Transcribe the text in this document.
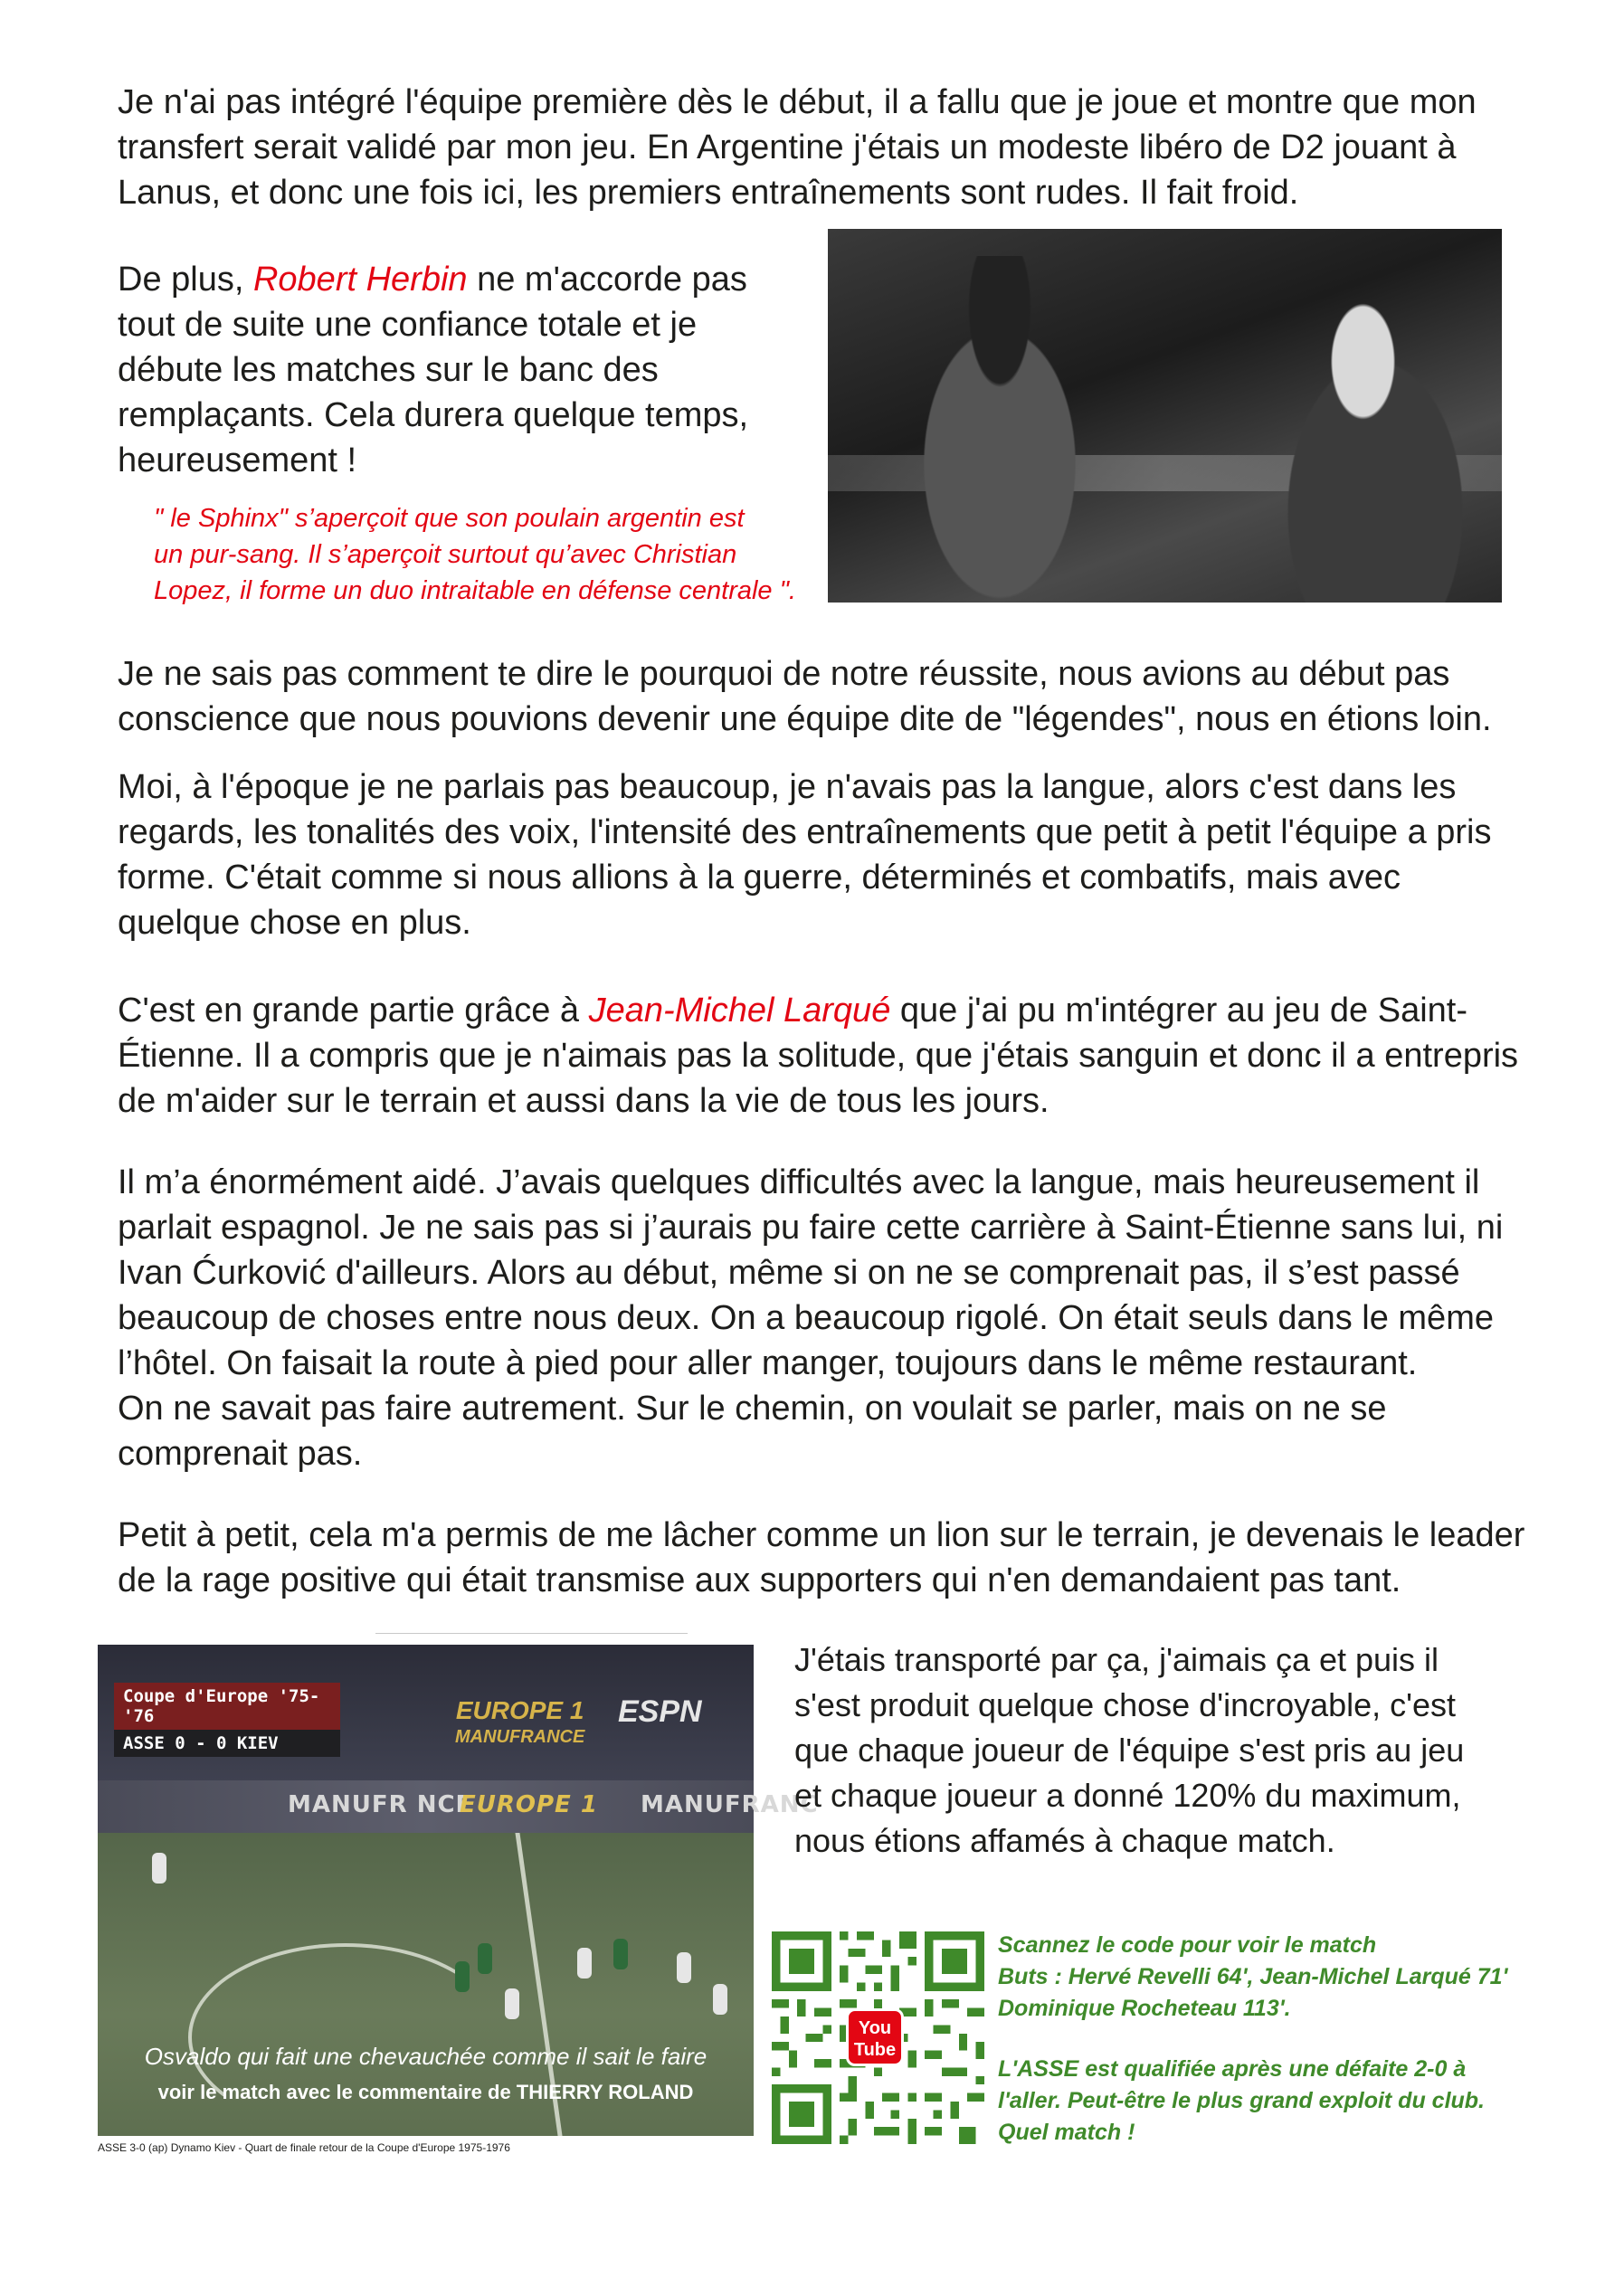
Je n'ai pas intégré l'équipe première dès le début, il a fallu que je joue et montre que mon
transfert serait validé par mon jeu. En Argentine j'étais un modeste libéro de D2 jouant à
Lanus, et donc une fois ici, les premiers entraînements sont rudes. Il fait froid.

De plus, Robert Herbin ne m'accorde pas
tout de suite une confiance totale et je
débute les matches sur le banc des
remplaçants. Cela durera quelque temps,
heureusement !

" le Sphinx" s’aperçoit que son poulain argentin est
un pur-sang. Il s’aperçoit surtout qu’avec Christian
Lopez, il forme un duo intraitable en défense centrale ".

Je ne sais pas comment te dire le pourquoi de notre réussite, nous avions au début pas
conscience que nous pouvions devenir une équipe dite de "légendes", nous en étions loin.

Moi, à l'époque je ne parlais pas beaucoup, je n'avais pas la langue, alors c'est dans les
regards, les tonalités des voix, l'intensité des entraînements que petit à petit l'équipe a pris
forme. C'était comme si nous allions à la guerre, déterminés et combatifs, mais avec
quelque chose en plus.

C'est en grande partie grâce à Jean-Michel Larqué que j'ai pu m'intégrer au jeu de Saint-
Étienne. Il a compris que je n'aimais pas la solitude, que j'étais sanguin et donc il a entrepris
de m'aider sur le terrain et aussi dans la vie de tous les jours.

Il m’a énormément aidé. J’avais quelques difficultés avec la langue, mais heureusement il
parlait espagnol. Je ne sais pas si j’aurais pu faire cette carrière à Saint-Étienne sans lui, ni
Ivan Ćurković d'ailleurs. Alors au début, même si on ne se comprenait pas, il s’est passé
beaucoup de choses entre nous deux. On a beaucoup rigolé. On était seuls dans le même
l’hôtel. On faisait la route à pied pour aller manger, toujours dans le même restaurant.
On ne savait pas faire autrement. Sur le chemin, on voulait se parler, mais on ne se
comprenait pas.

Petit à petit, cela m'a permis de me lâcher comme un lion sur le terrain, je devenais le leader
de la rage positive qui était transmise aux supporters qui n'en demandaient pas tant.

MANUFR NCE
EUROPE 1 MANUFRANC
Coupe d'Europe '75-'76
ASSE 0 - 0 KIEV
EUROPE 1
MANUFRANCE
ESPN
Osvaldo qui fait une chevauchée comme il sait le faire
voir le match avec le commentaire de THIERRY ROLAND

ASSE 3-0 (ap) Dynamo Kiev - Quart de finale retour de la Coupe d'Europe 1975-1976

J'étais transporté par ça, j'aimais ça et puis il
s'est produit quelque chose d'incroyable, c'est
que chaque joueur de l'équipe s'est pris au jeu
et chaque joueur a donné 120% du maximum,
nous étions affamés à chaque match.

You
Tube

Scannez le code pour voir le match
Buts : Hervé Revelli 64', Jean-Michel Larqué 71'
Dominique Rocheteau 113'.

L'ASSE est qualifiée après une défaite 2-0 à
l'aller. Peut-être le plus grand exploit du club.
Quel match !
